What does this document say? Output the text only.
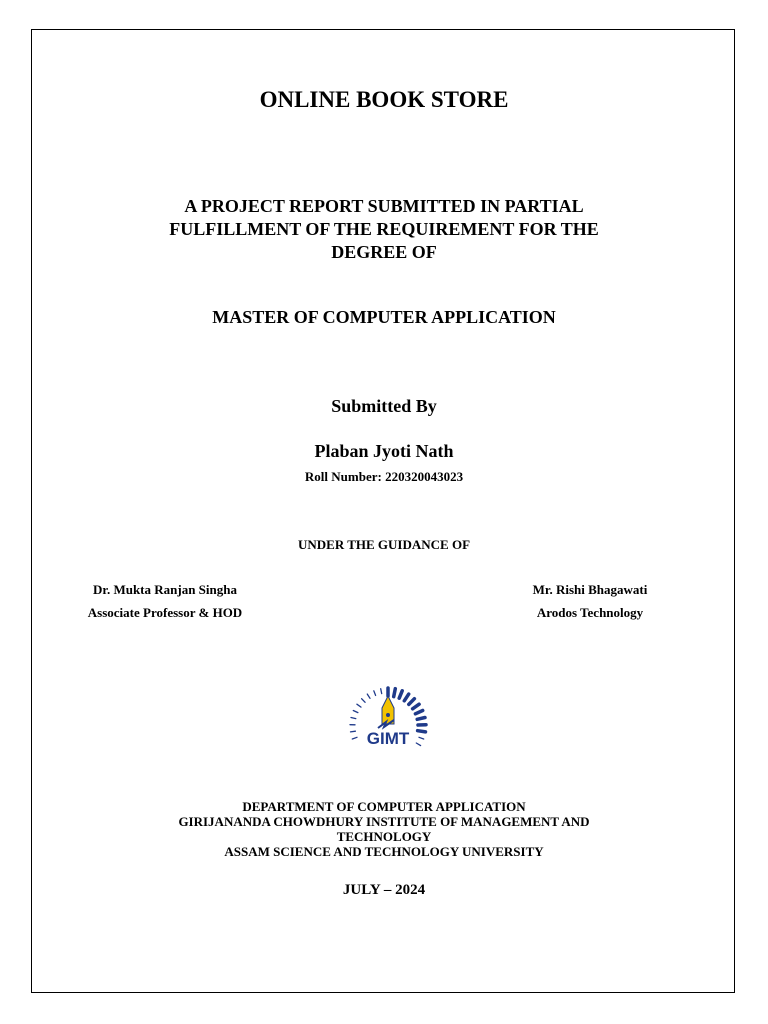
ONLINE BOOK STORE
A PROJECT REPORT SUBMITTED IN PARTIAL
FULFILLMENT OF THE REQUIREMENT FOR THE
DEGREE OF
MASTER OF COMPUTER APPLICATION
Submitted By
Plaban Jyoti Nath
Roll Number: 220320043023
UNDER THE GUIDANCE OF
Dr. Mukta Ranjan Singha
Associate Professor & HOD
Mr. Rishi Bhagawati
Arodos Technology
GIMT
DEPARTMENT OF COMPUTER APPLICATION
GIRIJANANDA CHOWDHURY INSTITUTE OF MANAGEMENT AND
TECHNOLOGY
ASSAM SCIENCE AND TECHNOLOGY UNIVERSITY
JULY – 2024
